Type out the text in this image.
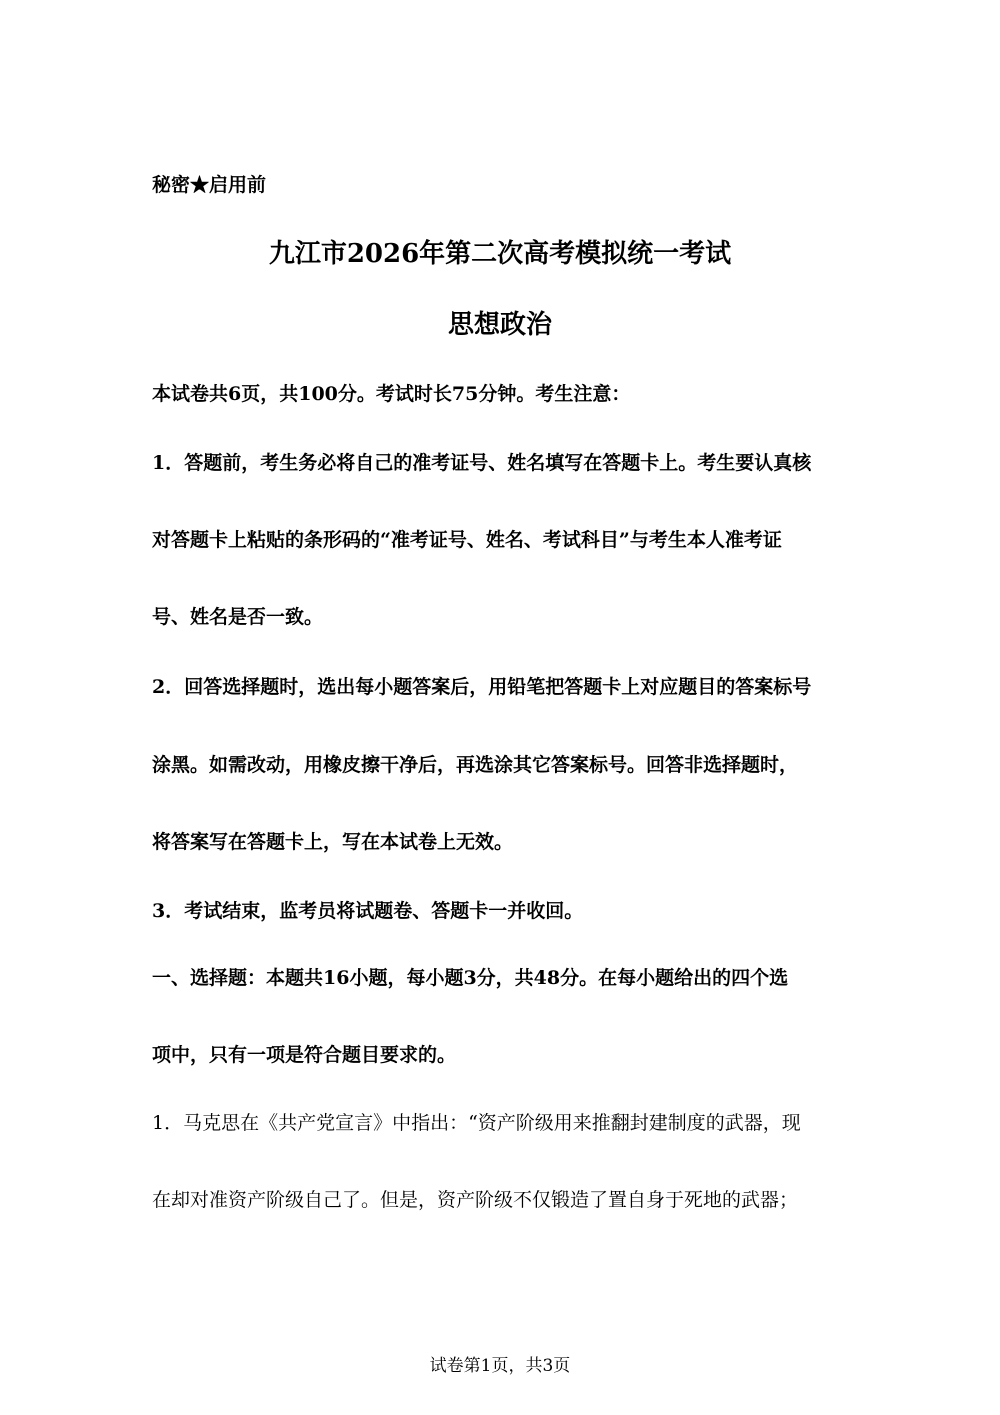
秘密★启用前
九江市2026年第二次高考模拟统一考试
思想政治
本试卷共6页，共100分。考试时长75分钟。考生注意：
1．答题前，考生务必将自己的准考证号、姓名填写在答题卡上。考生要认真核
对答题卡上粘贴的条形码的“准考证号、姓名、考试科目”与考生本人准考证
号、姓名是否一致。
2．回答选择题时，选出每小题答案后，用铅笔把答题卡上对应题目的答案标号
涂黑。如需改动，用橡皮擦干净后，再选涂其它答案标号。回答非选择题时，
将答案写在答题卡上，写在本试卷上无效。
3．考试结束，监考员将试题卷、答题卡一并收回。
一、选择题：本题共16小题，每小题3分，共48分。在每小题给出的四个选
项中，只有一项是符合题目要求的。
1．马克思在《共产党宣言》中指出：“资产阶级用来推翻封建制度的武器，现
在却对准资产阶级自己了。但是，资产阶级不仅锻造了置自身于死地的武器；
试卷第1页，共3页
